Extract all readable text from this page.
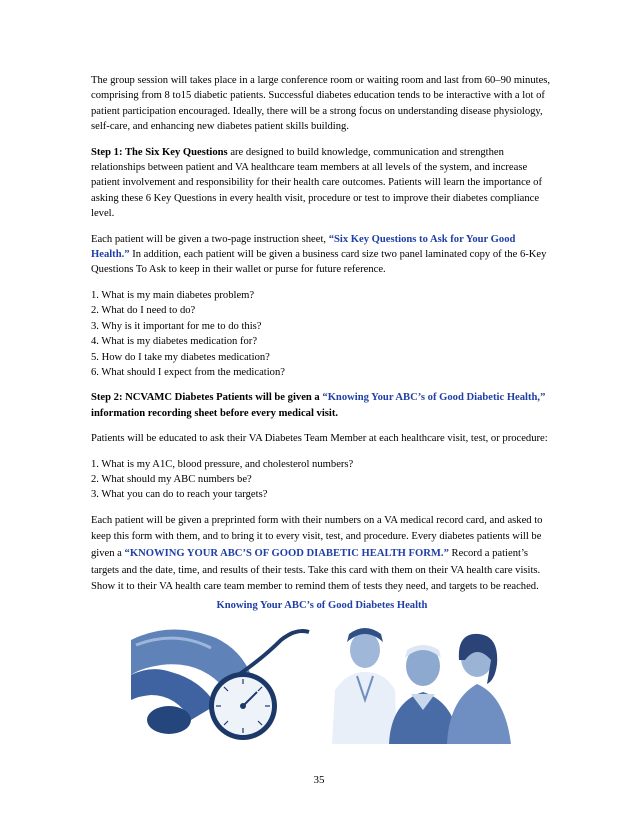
The group session will takes place in a large conference room or waiting room and last from 60–90 minutes, comprising from 8 to15 diabetic patients. Successful diabetes education tends to be interactive with a lot of patient participation encouraged. Ideally, there will be a strong focus on understanding disease physiology, self-care, and enhancing new diabetes patient skills building.

Step 1: The Six Key Questions are designed to build knowledge, communication and strengthen relationships between patient and VA healthcare team members at all levels of the system, and increase patient involvement and responsibility for their health care outcomes. Patients will learn the importance of asking these 6 Key Questions in every health visit, procedure or test to improve their diabetes compliance level.

Each patient will be given a two-page instruction sheet, “Six Key Questions to Ask for Your Good Health.” In addition, each patient will be given a business card size two panel laminated copy of the 6-Key Questions To Ask to keep in their wallet or purse for future reference.

1. What is my main diabetes problem?
2. What do I need to do?
3. Why is it important for me to do this?
4. What is my diabetes medication for?
5. How do I take my diabetes medication?
6. What should I expect from the medication?

Step 2: NCVAMC Diabetes Patients will be given a “Knowing Your ABC’s of Good Diabetic Health,” information recording sheet before every medical visit.

Patients will be educated to ask their VA Diabetes Team Member at each healthcare visit, test, or procedure:

1. What is my A1C, blood pressure, and cholesterol numbers?
2. What should my ABC numbers be?
3. What you can do to reach your targets?

Each patient will be given a preprinted form with their numbers on a VA medical record card, and asked to keep this form with them, and to bring it to every visit, test, and procedure. Every diabetes patients will be given a “KNOWING YOUR ABC’S OF GOOD DIABETIC HEALTH FORM.” Record a patient’s targets and the date, time, and results of their tests. Take this card with them on their VA health care visits. Show it to their VA health care team member to remind them of tests they need, and targets to be reached.

Knowing Your ABC’s of Good Diabetes Health
35
